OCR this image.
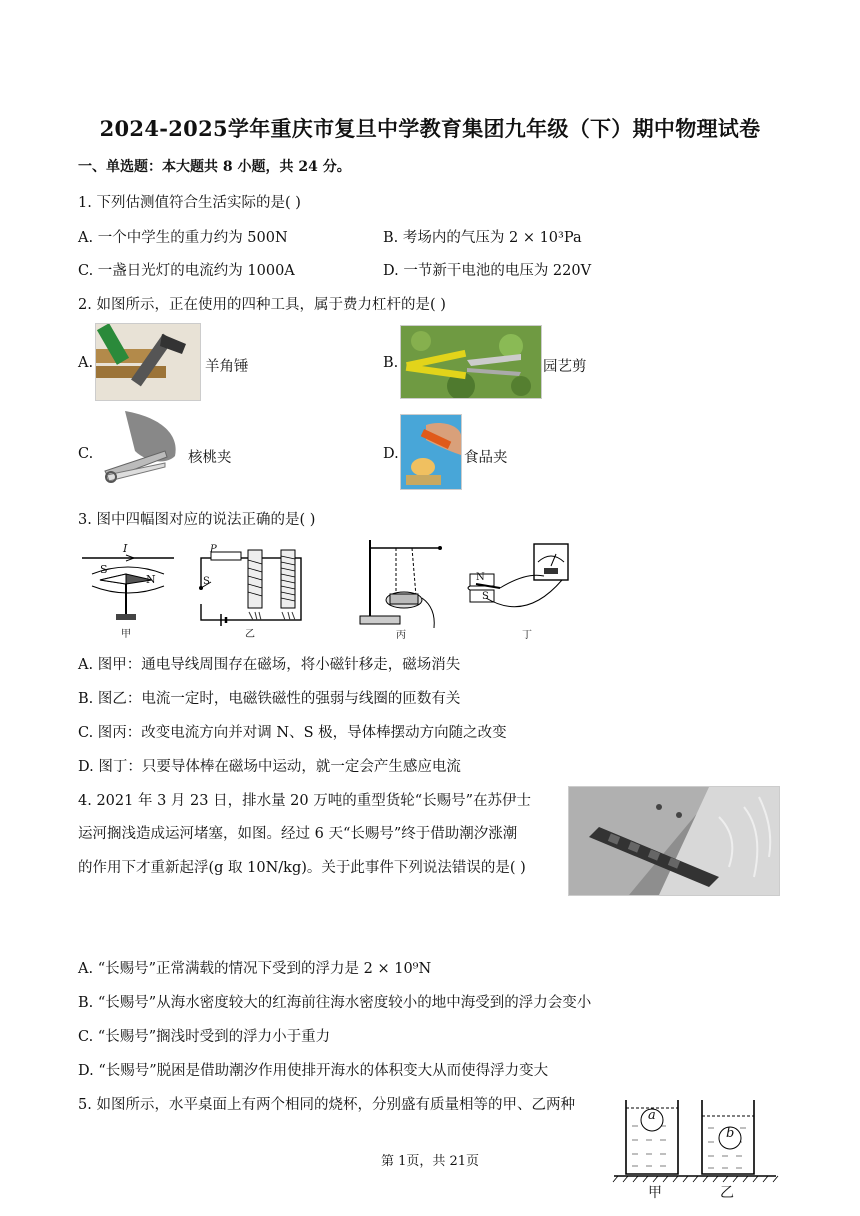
2024-2025学年重庆市复旦中学教育集团九年级（下）期中物理试卷
一、单选题：本大题共 8 小题，共 24 分。
1. 下列估测值符合生活实际的是( )
A. 一个中学生的重力约为 500N	B. 考场内的气压为 2 × 10³Pa
C. 一盏日光灯的电流约为 1000A	D. 一节新干电池的电压为 220V
2. 如图所示，正在使用的四种工具，属于费力杠杆的是( )
A.	羊角锤	B.	园艺剪
C.	核桃夹	D.	食品夹
3. 图中四幅图对应的说法正确的是( )
I
S
N
甲
P
S
乙	丙
N
S
丁
A. 图甲：通电导线周围存在磁场，将小磁针移走，磁场消失
B. 图乙：电流一定时，电磁铁磁性的强弱与线圈的匝数有关
C. 图丙：改变电流方向并对调 N、S 极，导体棒摆动方向随之改变
D. 图丁：只要导体棒在磁场中运动，就一定会产生感应电流
4. 2021 年 3 月 23 日，排水量 20 万吨的重型货轮“长赐号”在苏伊士
运河搁浅造成运河堵塞，如图。经过 6 天“长赐号”终于借助潮汐涨潮
的作用下才重新起浮(g 取 10N/kg)。关于此事件下列说法错误的是( )
A. “长赐号”正常满载的情况下受到的浮力是 2 × 10⁹N
B. “长赐号”从海水密度较大的红海前往海水密度较小的地中海受到的浮力会变小
C. “长赐号”搁浅时受到的浮力小于重力
D. “长赐号”脱困是借助潮汐作用使排开海水的体积变大从而使得浮力变大
5. 如图所示，水平桌面上有两个相同的烧杯，分别盛有质量相等的甲、乙两种
a
b
甲	乙
第 1页，共 21页
